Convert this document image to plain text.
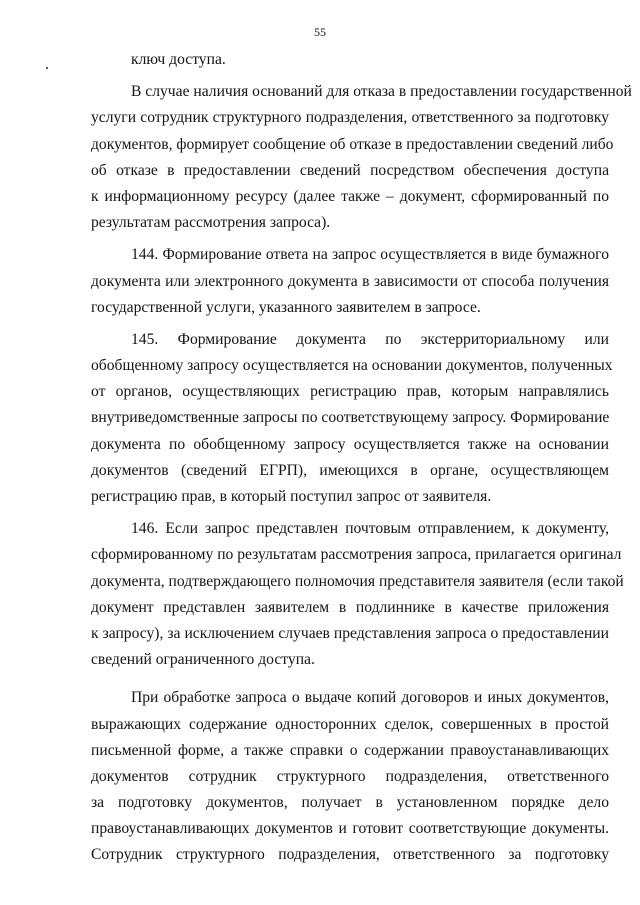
55
ключ доступа.
В случае наличия оснований для отказа в предоставлении государственной
услуги сотрудник структурного подразделения, ответственного за подготовку
документов, формирует сообщение об отказе в предоставлении сведений либо
об отказе в предоставлении сведений посредством обеспечения доступа
к информационному ресурсу (далее также – документ, сформированный по
результатам рассмотрения запроса).
144. Формирование ответа на запрос осуществляется в виде бумажного
документа или электронного документа в зависимости от способа получения
государственной услуги, указанного заявителем в запросе.
145. Формирование документа по экстерриториальному или
обобщенному запросу осуществляется на основании документов, полученных
от органов, осуществляющих регистрацию прав, которым направлялись
внутриведомственные запросы по соответствующему запросу. Формирование
документа по обобщенному запросу осуществляется также на основании
документов (сведений ЕГРП), имеющихся в органе, осуществляющем
регистрацию прав, в который поступил запрос от заявителя.
146. Если запрос представлен почтовым отправлением, к документу,
сформированному по результатам рассмотрения запроса, прилагается оригинал
документа, подтверждающего полномочия представителя заявителя (если такой
документ представлен заявителем в подлиннике в качестве приложения
к запросу), за исключением случаев представления запроса о предоставлении
сведений ограниченного доступа.
При обработке запроса о выдаче копий договоров и иных документов,
выражающих содержание односторонних сделок, совершенных в простой
письменной форме, а также справки о содержании правоустанавливающих
документов сотрудник структурного подразделения, ответственного
за подготовку документов, получает в установленном порядке дело
правоустанавливающих документов и готовит соответствующие документы.
Сотрудник структурного подразделения, ответственного за подготовку
